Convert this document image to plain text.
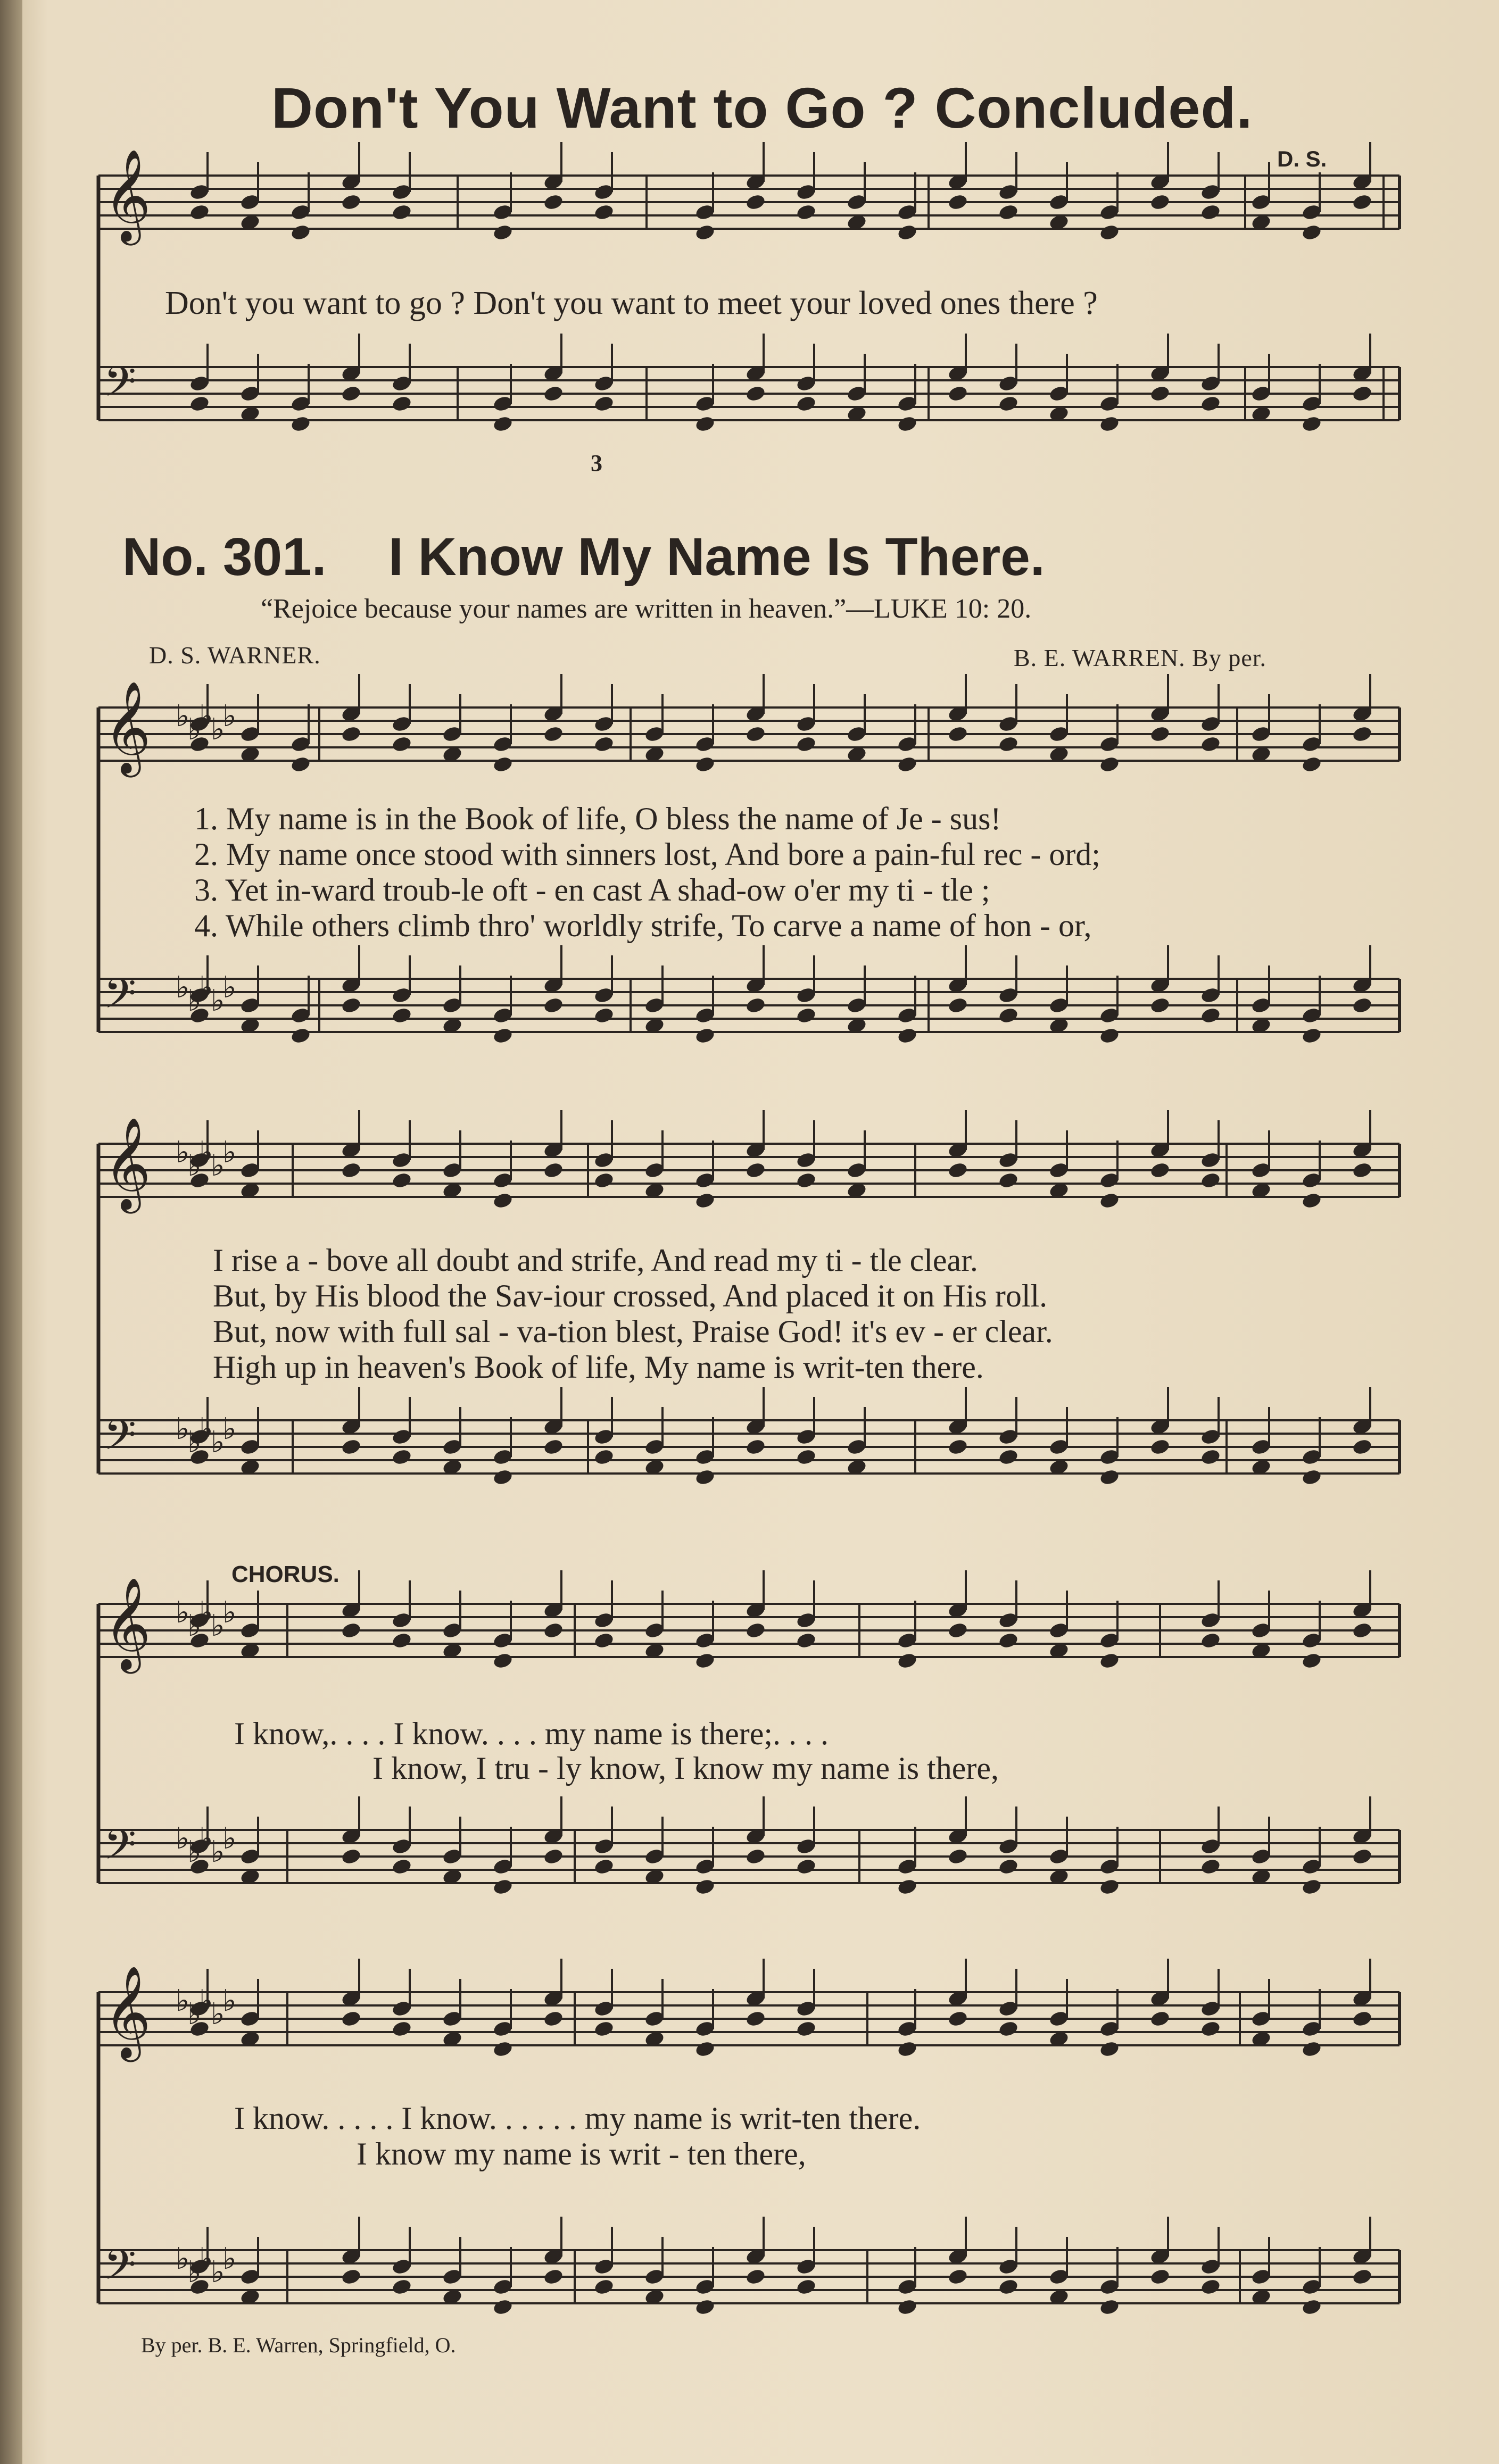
𝄞
𝄢
𝄞
𝄢
𝄞
𝄢
𝄞
𝄢
𝄞
𝄢
♭
♭
♭
♭
♭
♭
♭
♭
♭
♭
♭
♭
♭
♭
♭
♭
♭
♭
♭
♭
♭
♭
♭
♭
♭
♭
♭
♭
♭
♭
♭
♭
♭
♭
♭
♭
♭
♭
♭
♭
Don't You Want to Go ? Concluded.
D. S.
Don't you want to go ? Don't you want to meet your loved ones there ?
3
No. 301. I Know My Name Is There.
“Rejoice because your names are written in heaven.”—LUKE 10: 20.
D. S. WARNER.	B. E. WARREN. By per.
1. My name is in the Book of life, O bless the name of Je - sus!
2. My name once stood with sinners lost, And bore a pain-ful rec - ord;
3. Yet in-ward troub-le oft - en cast A shad-ow o'er my ti - tle ;
4. While others climb thro' worldly strife, To carve a name of hon - or,
I rise a - bove all doubt and strife, And read my ti - tle clear.
But, by His blood the Sav-iour crossed, And placed it on His roll.
But, now with full sal - va-tion blest, Praise God! it's ev - er clear.
High up in heaven's Book of life, My name is writ-ten there.
CHORUS.
I know,. . . . I know. . . . my name is there;. . . .
I know, I tru - ly know, I know my name is there,
I know. . . . . I know. . . . . . my name is writ-ten there.
I know my name is writ - ten there,
By per. B. E. Warren, Springfield, O.
